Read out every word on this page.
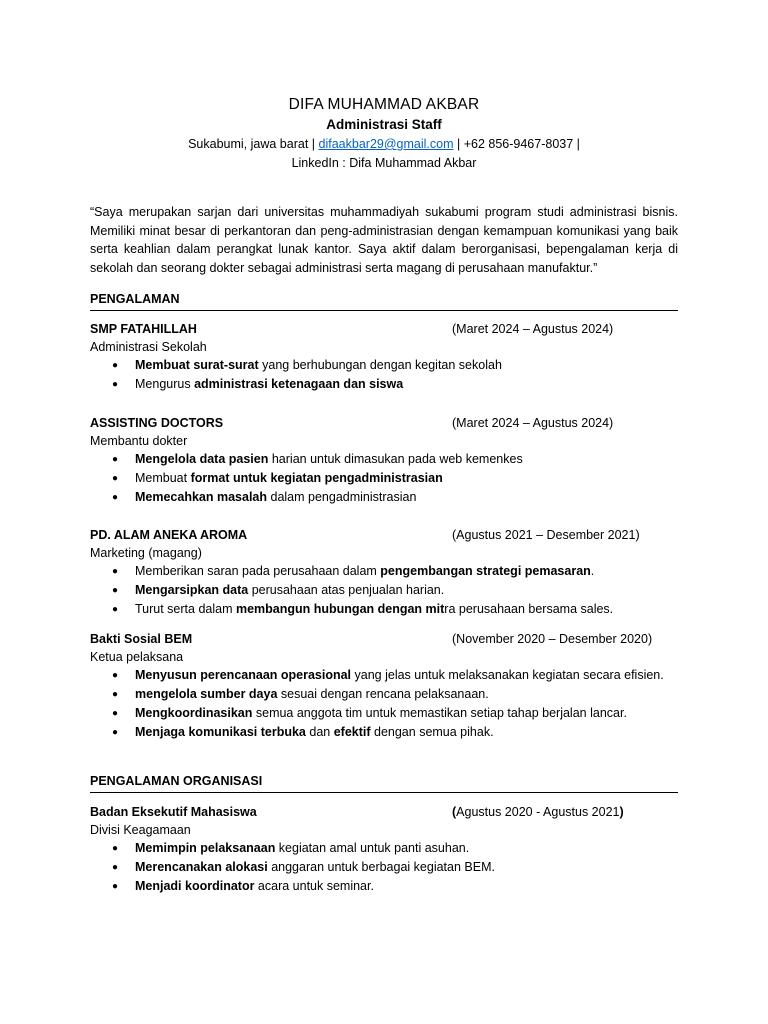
DIFA MUHAMMAD AKBAR

Administrasi Staff

Sukabumi, jawa barat | difaakbar29@gmail.com | +62 856-9467-8037 |

LinkedIn : Difa Muhammad Akbar

“Saya merupakan sarjan dari universitas muhammadiyah sukabumi program studi administrasi bisnis. Memiliki minat besar di perkantoran dan peng-administrasian dengan kemampuan komunikasi yang baik serta keahlian dalam perangkat lunak kantor. Saya aktif dalam berorganisasi, bepengalaman kerja di sekolah dan seorang dokter sebagai administrasi serta magang di perusahaan manufaktur.”

PENGALAMAN
SMP FATAHILLAH	(Maret 2024 – Agustus 2024)
Administrasi Sekolah
● Membuat surat-surat yang berhubungan dengan kegitan sekolah
● Mengurus administrasi ketenagaan dan siswa
ASSISTING DOCTORS	(Maret 2024 – Agustus 2024)
Membantu dokter
● Mengelola data pasien harian untuk dimasukan pada web kemenkes
● Membuat format untuk kegiatan pengadministrasian
● Memecahkan masalah dalam pengadministrasian
PD. ALAM ANEKA AROMA	(Agustus 2021 – Desember 2021)
Marketing (magang)
● Memberikan saran pada perusahaan dalam pengembangan strategi pemasaran.
● Mengarsipkan data perusahaan atas penjualan harian.
● Turut serta dalam membangun hubungan dengan mitra perusahaan bersama sales.
Bakti Sosial BEM	(November 2020 – Desember 2020)
Ketua pelaksana
● Menyusun perencanaan operasional yang jelas untuk melaksanakan kegiatan secara efisien.
● mengelola sumber daya sesuai dengan rencana pelaksanaan.
● Mengkoordinasikan semua anggota tim untuk memastikan setiap tahap berjalan lancar.
● Menjaga komunikasi terbuka dan efektif dengan semua pihak.
PENGALAMAN ORGANISASI
Badan Eksekutif Mahasiswa	(Agustus 2020 - Agustus 2021)
Divisi Keagamaan
● Memimpin pelaksanaan kegiatan amal untuk panti asuhan.
● Merencanakan alokasi anggaran untuk berbagai kegiatan BEM.
● Menjadi koordinator acara untuk seminar.
